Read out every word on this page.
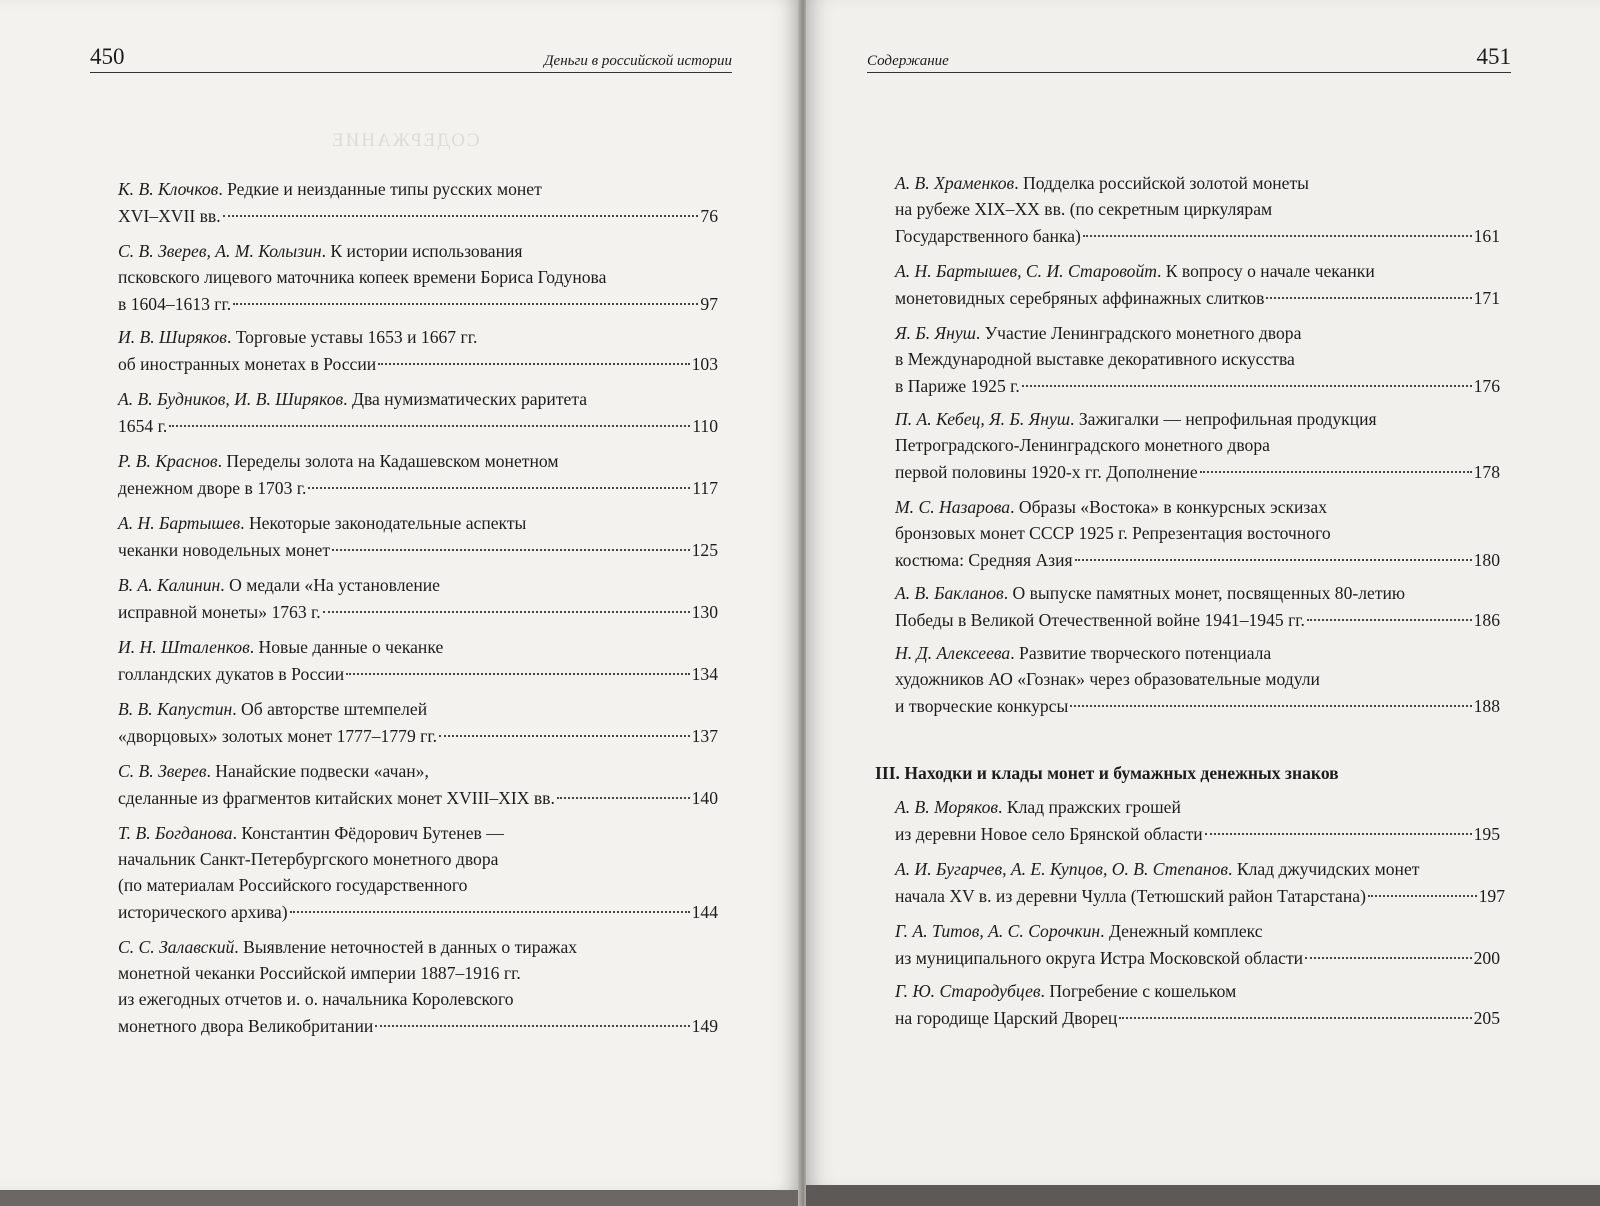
СОДЕРЖАНИЕ
450	Деньги в российской истории
К. В. Клочков. Редкие и неизданные типы русских монет
XVI–XVII вв.	76
С. В. Зверев, А. М. Колызин. К истории использования
псковского лицевого маточника копеек времени Бориса Годунова
в 1604–1613 гг.	97
И. В. Ширяков. Торговые уставы 1653 и 1667 гг.
об иностранных монетах в России	103
А. В. Будников, И. В. Ширяков. Два нумизматических раритета
1654 г.	110
Р. В. Краснов. Переделы золота на Кадашевском монетном
денежном дворе в 1703 г.	117
А. Н. Бартышев. Некоторые законодательные аспекты
чеканки новодельных монет	125
В. А. Калинин. О медали «На установление
исправной монеты» 1763 г.	130
И. Н. Шталенков. Новые данные о чеканке
голландских дукатов в России	134
В. В. Капустин. Об авторстве штемпелей
«дворцовых» золотых монет 1777–1779 гг.	137
С. В. Зверев. Нанайские подвески «ачан»,
сделанные из фрагментов китайских монет XVIII–XIX вв.	140
Т. В. Богданова. Константин Фёдорович Бутенев —
начальник Санкт-Петербургского монетного двора
(по материалам Российского государственного
исторического архива)	144
С. С. Залавский. Выявление неточностей в данных о тиражах
монетной чеканки Российской империи 1887–1916 гг.
из ежегодных отчетов и. о. начальника Королевского
монетного двора Великобритании	149
Содержание	451
А. В. Храменков. Подделка российской золотой монеты
на рубеже XIX–XX вв. (по секретным циркулярам
Государственного банка)	161
А. Н. Бартышев, С. И. Старовойт. К вопросу о начале чеканки
монетовидных серебряных аффинажных слитков	171
Я. Б. Януш. Участие Ленинградского монетного двора
в Международной выставке декоративного искусства
в Париже 1925 г.	176
П. А. Кебец, Я. Б. Януш. Зажигалки — непрофильная продукция
Петроградского-Ленинградского монетного двора
первой половины 1920-х гг. Дополнение	178
М. С. Назарова. Образы «Востока» в конкурсных эскизах
бронзовых монет СССР 1925 г. Репрезентация восточного
костюма: Средняя Азия	180
А. В. Бакланов. О выпуске памятных монет, посвященных 80-летию
Победы в Великой Отечественной войне 1941–1945 гг.	186
Н. Д. Алексеева. Развитие творческого потенциала
художников АО «Гознак» через образовательные модули
и творческие конкурсы	188
III. Находки и клады монет и бумажных денежных знаков
А. В. Моряков. Клад пражских грошей
из деревни Новое село Брянской области	195
А. И. Бугарчев, А. Е. Купцов, О. В. Степанов. Клад джучидских монет
начала XV в. из деревни Чулла (Тетюшский район Татарстана)	197
Г. А. Титов, А. С. Сорочкин. Денежный комплекс
из муниципального округа Истра Московской области	200
Г. Ю. Стародубцев. Погребение с кошельком
на городище Царский Дворец	205
